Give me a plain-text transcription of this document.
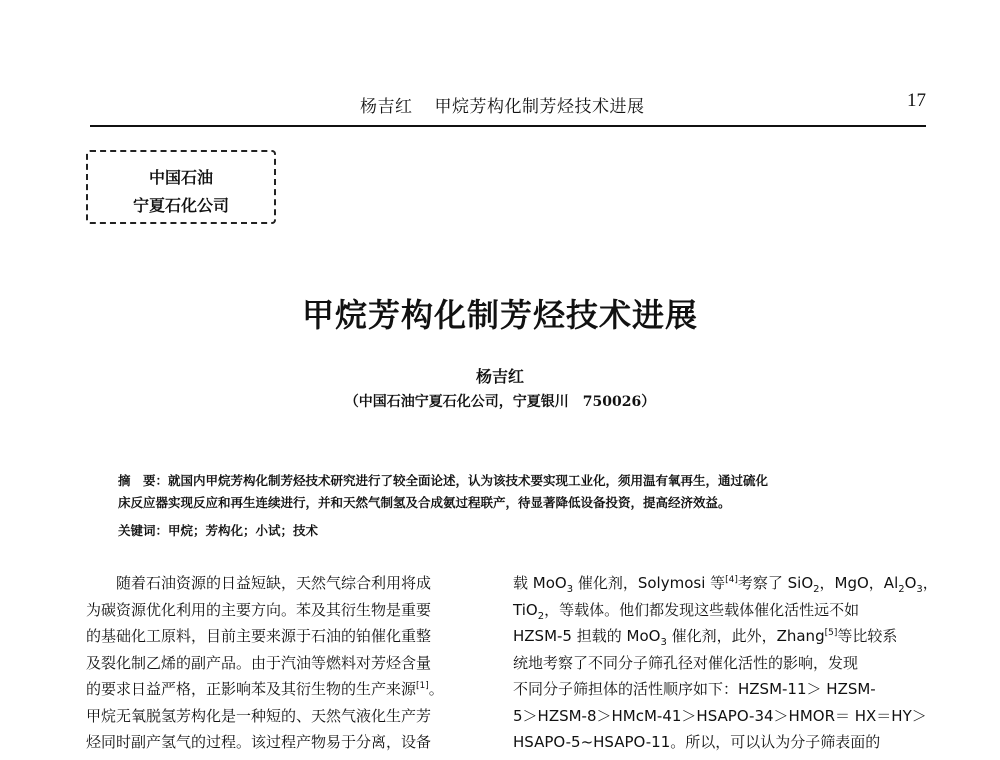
杨吉红 甲烷芳构化制芳烃技术进展	17
中国石油
宁夏石化公司
甲烷芳构化制芳烃技术进展
杨吉红
（中国石油宁夏石化公司，宁夏银川　750026）
摘　要：就国内甲烷芳构化制芳烃技术研究进行了较全面论述，认为该技术要实现工业化，须用温有氧再生，通过硫化
床反应器实现反应和再生连续进行，并和天然气制氢及合成氨过程联产，待显著降低设备投资，提高经济效益。
关键词：甲烷；芳构化；小试；技术
随着石油资源的日益短缺，天然气综合利用将成
为碳资源优化利用的主要方向。苯及其衍生物是重要
的基础化工原料，目前主要来源于石油的铂催化重整
及裂化制乙烯的副产品。由于汽油等燃料对芳烃含量
的要求日益严格，正影响苯及其衍生物的生产来源[1]。
甲烷无氧脱氢芳构化是一种短的、天然气液化生产芳
烃同时副产氢气的过程。该过程产物易于分离，设备
载 MoO$_3$ 催化剂，Solymosi 等[4]考察了 SiO$_2$，MgO，$Al_2O_3$，
TiO$_2$，等载体。他们都发现这些载体催化活性远不如
HZSM-5 担载的 MoO$_3$ 催化剂，此外，Zhang[5]等比较系
统地考察了不同分子筛孔径对催化活性的影响，发现
不同分子筛担体的活性顺序如下：HZSM-11＞ HZSM-
5＞HZSM-8＞HMcM-41＞HSAPO-34＞HMOR＝ HX＝HY＞
HSAPO-5~HSAPO-11。所以，可以认为分子筛表面的
